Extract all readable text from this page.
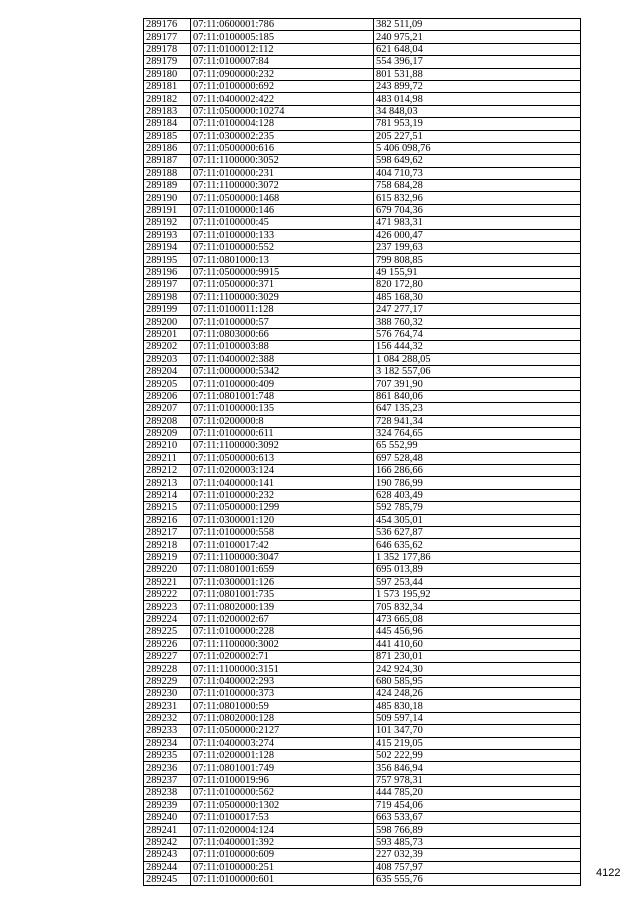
289176	07:11:0600001:786	382 511,09
289177	07:11:0100005:185	240 975,21
289178	07:11:0100012:112	621 648,04
289179	07:11:0100007:84	554 396,17
289180	07:11:0900000:232	801 531,88
289181	07:11:0100000:692	243 899,72
289182	07:11:0400002:422	483 014,98
289183	07:11:0500000:10274	34 848,03
289184	07:11:0100004:128	781 953,19
289185	07:11:0300002:235	205 227,51
289186	07:11:0500000:616	5 406 098,76
289187	07:11:1100000:3052	598 649,62
289188	07:11:0100000:231	404 710,73
289189	07:11:1100000:3072	758 684,28
289190	07:11:0500000:1468	615 832,96
289191	07:11:0100000:146	679 704,36
289192	07:11:0100000:45	471 983,31
289193	07:11:0100000:133	426 000,47
289194	07:11:0100000:552	237 199,63
289195	07:11:0801000:13	799 808,85
289196	07:11:0500000:9915	49 155,91
289197	07:11:0500000:371	820 172,80
289198	07:11:1100000:3029	485 168,30
289199	07:11:0100011:128	247 277,17
289200	07:11:0100000:57	388 760,32
289201	07:11:0803000:66	576 764,74
289202	07:11:0100003:88	156 444,32
289203	07:11:0400002:388	1 084 288,05
289204	07:11:0000000:5342	3 182 557,06
289205	07:11:0100000:409	707 391,90
289206	07:11:0801001:748	861 840,06
289207	07:11:0100000:135	647 135,23
289208	07:11:0200000:8	728 941,34
289209	07:11:0100000:611	324 764,65
289210	07:11:1100000:3092	65 552,99
289211	07:11:0500000:613	697 528,48
289212	07:11:0200003:124	166 286,66
289213	07:11:0400000:141	190 786,99
289214	07:11:0100000:232	628 403,49
289215	07:11:0500000:1299	592 785,79
289216	07:11:0300001:120	454 305,01
289217	07:11:0100000:558	536 627,87
289218	07:11:0100017:42	646 635,62
289219	07:11:1100000:3047	1 352 177,86
289220	07:11:0801001:659	695 013,89
289221	07:11:0300001:126	597 253,44
289222	07:11:0801001:735	1 573 195,92
289223	07:11:0802000:139	705 832,34
289224	07:11:0200002:67	473 665,08
289225	07:11:0100000:228	445 456,96
289226	07:11:1100000:3002	441 410,60
289227	07:11:0200002:71	871 230,01
289228	07:11:1100000:3151	242 924,30
289229	07:11:0400002:293	680 585,95
289230	07:11:0100000:373	424 248,26
289231	07:11:0801000:59	485 830,18
289232	07:11:0802000:128	509 597,14
289233	07:11:0500000:2127	101 347,70
289234	07:11:0400003:274	415 219,05
289235	07:11:0200001:128	502 222,99
289236	07:11:0801001:749	356 846,94
289237	07:11:0100019:96	757 978,31
289238	07:11:0100000:562	444 785,20
289239	07:11:0500000:1302	719 454,06
289240	07:11:0100017:53	663 533,67
289241	07:11:0200004:124	598 766,89
289242	07:11:0400001:392	593 485,73
289243	07:11:0100000:609	227 032,39
289244	07:11:0100000:251	408 757,97
289245	07:11:0100000:601	635 555,76
4122
